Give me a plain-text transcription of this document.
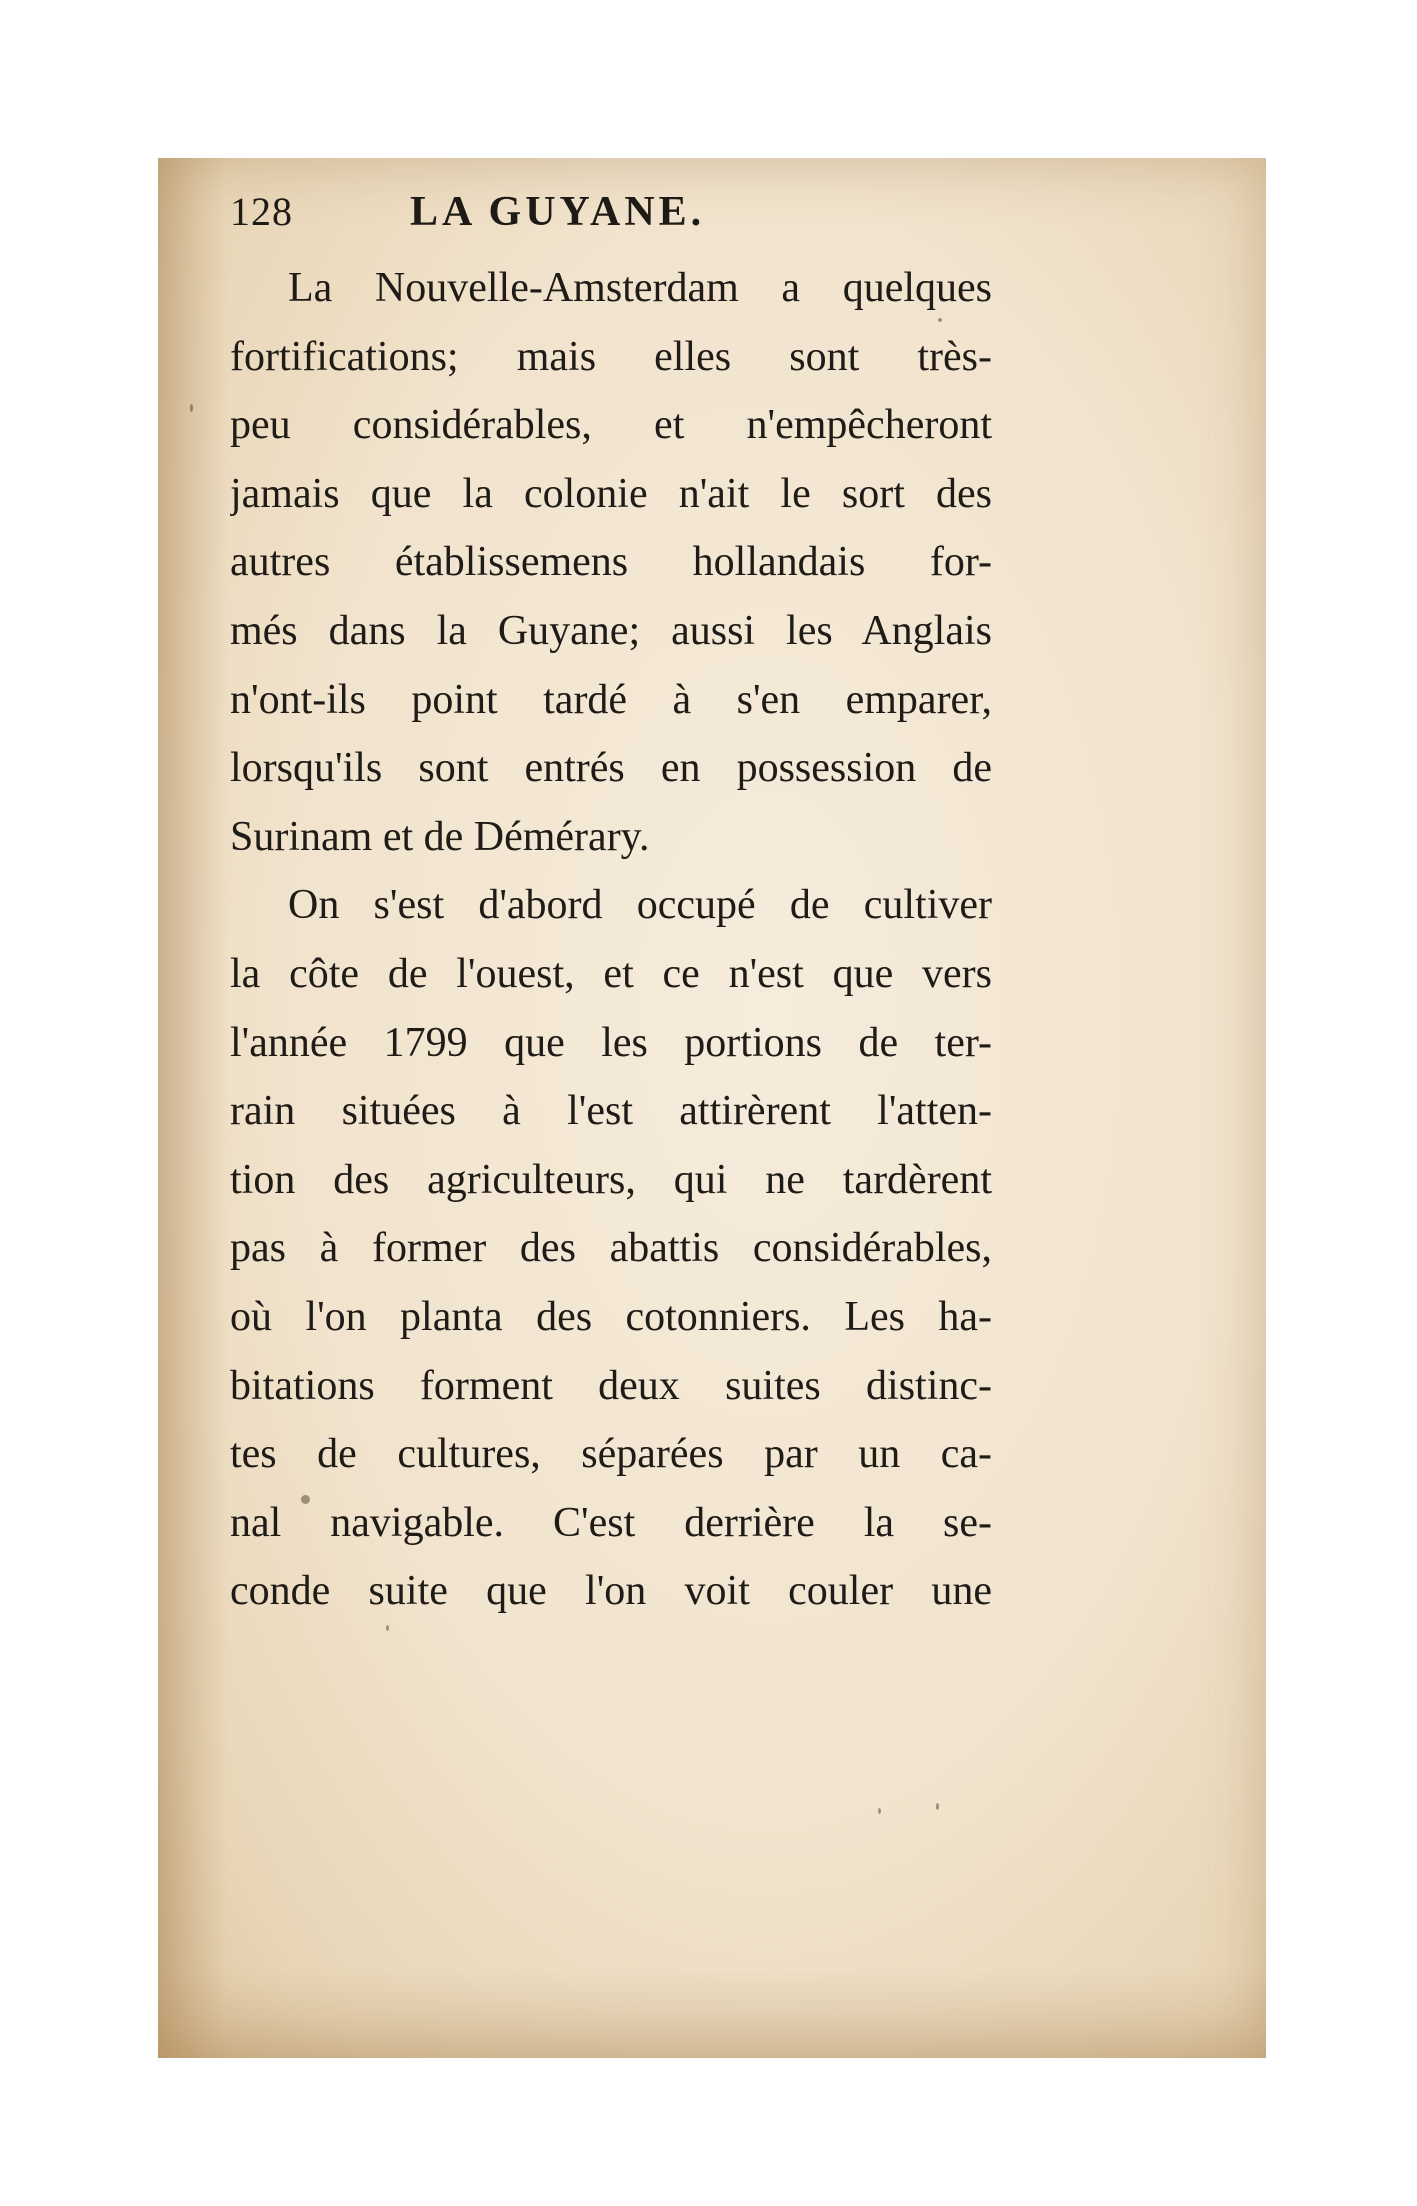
128	LA GUYANE.
La Nouvelle-Amsterdam a quelques
fortifications; mais elles sont très-
peu considérables, et n'empêcheront
jamais que la colonie n'ait le sort des
autres établissemens hollandais for-
més dans la Guyane; aussi les Anglais
n'ont-ils point tardé à s'en emparer,
lorsqu'ils sont entrés en possession de
Surinam et de Démérary.
On s'est d'abord occupé de cultiver
la côte de l'ouest, et ce n'est que vers
l'année 1799 que les portions de ter-
rain situées à l'est attirèrent l'atten-
tion des agriculteurs, qui ne tardèrent
pas à former des abattis considérables,
où l'on planta des cotonniers. Les ha-
bitations forment deux suites distinc-
tes de cultures, séparées par un ca-
nal navigable. C'est derrière la se-
conde suite que l'on voit couler une
